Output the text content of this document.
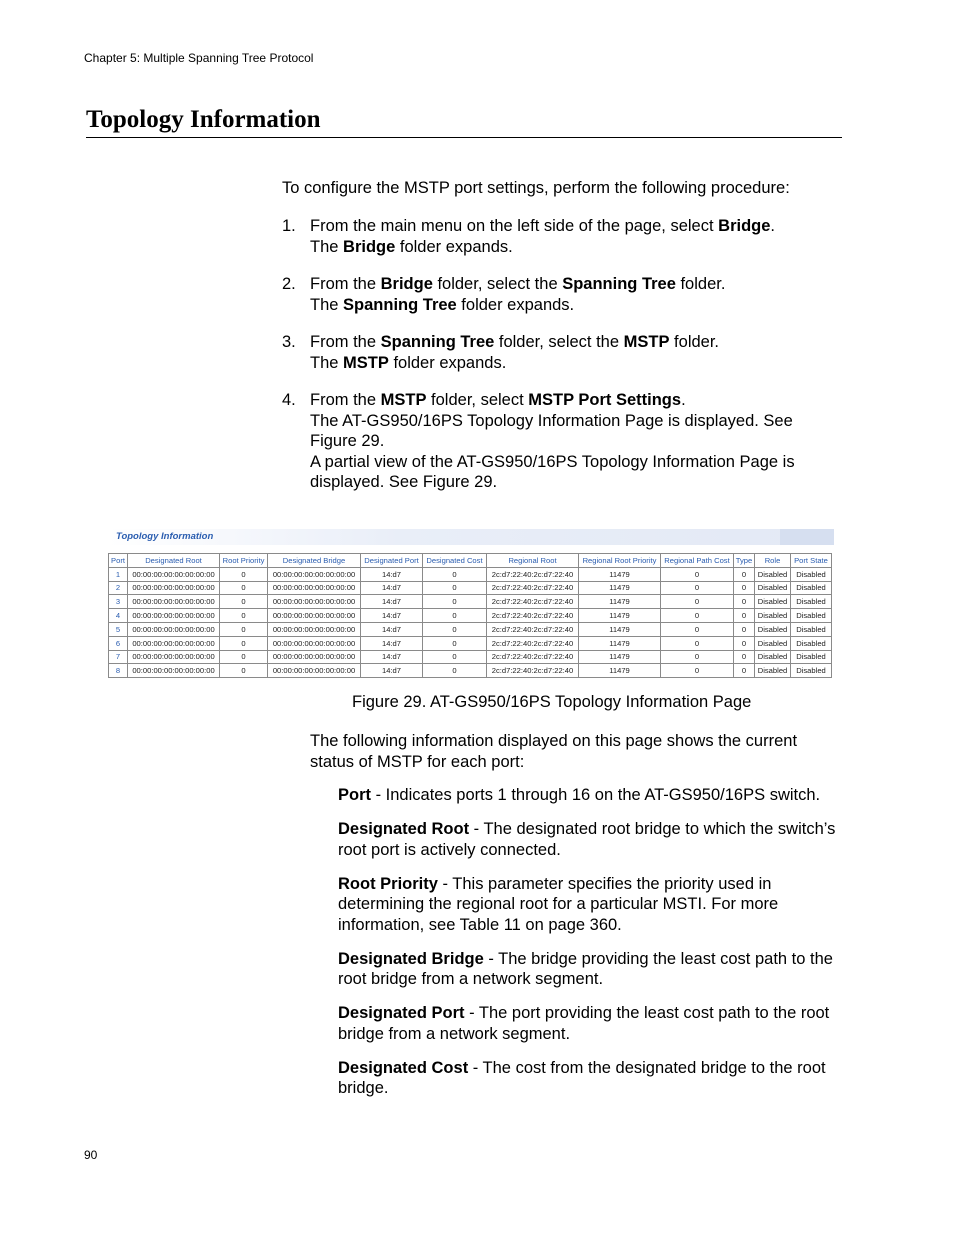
Chapter 5: Multiple Spanning Tree Protocol
Topology Information
To configure the MSTP port settings, perform the following procedure:
1. From the main menu on the left side of the page, select Bridge.
The Bridge folder expands.
2. From the Bridge folder, select the Spanning Tree folder.
The Spanning Tree folder expands.
3. From the Spanning Tree folder, select the MSTP folder.
The MSTP folder expands.
4. From the MSTP folder, select MSTP Port Settings.
The AT-GS950/16PS Topology Information Page is displayed. See Figure 29.
A partial view of the AT-GS950/16PS Topology Information Page is displayed. See Figure 29.
Topology Information
Port	Designated Root	Root Priority	Designated Bridge	Designated Port	Designated Cost	Regional Root	Regional Root Priority	Regional Path Cost	Type	Role	Port State
1	00:00:00:00:00:00:00:00	0	00:00:00:00:00:00:00:00	14:d7	0	2c:d7:22:40:2c:d7:22:40	11479	0	0	Disabled	Disabled
2	00:00:00:00:00:00:00:00	0	00:00:00:00:00:00:00:00	14:d7	0	2c:d7:22:40:2c:d7:22:40	11479	0	0	Disabled	Disabled
3	00:00:00:00:00:00:00:00	0	00:00:00:00:00:00:00:00	14:d7	0	2c:d7:22:40:2c:d7:22:40	11479	0	0	Disabled	Disabled
4	00:00:00:00:00:00:00:00	0	00:00:00:00:00:00:00:00	14:d7	0	2c:d7:22:40:2c:d7:22:40	11479	0	0	Disabled	Disabled
5	00:00:00:00:00:00:00:00	0	00:00:00:00:00:00:00:00	14:d7	0	2c:d7:22:40:2c:d7:22:40	11479	0	0	Disabled	Disabled
6	00:00:00:00:00:00:00:00	0	00:00:00:00:00:00:00:00	14:d7	0	2c:d7:22:40:2c:d7:22:40	11479	0	0	Disabled	Disabled
7	00:00:00:00:00:00:00:00	0	00:00:00:00:00:00:00:00	14:d7	0	2c:d7:22:40:2c:d7:22:40	11479	0	0	Disabled	Disabled
8	00:00:00:00:00:00:00:00	0	00:00:00:00:00:00:00:00	14:d7	0	2c:d7:22:40:2c:d7:22:40	11479	0	0	Disabled	Disabled
Figure 29. AT-GS950/16PS Topology Information Page
The following information displayed on this page shows the current status of MSTP for each port:
Port - Indicates ports 1 through 16 on the AT-GS950/16PS switch.
Designated Root - The designated root bridge to which the switch’s root port is actively connected.
Root Priority - This parameter specifies the priority used in determining the regional root for a particular MSTI. For more information, see Table 11 on page 360.
Designated Bridge - The bridge providing the least cost path to the root bridge from a network segment.
Designated Port - The port providing the least cost path to the root bridge from a network segment.
Designated Cost - The cost from the designated bridge to the root bridge.
90
